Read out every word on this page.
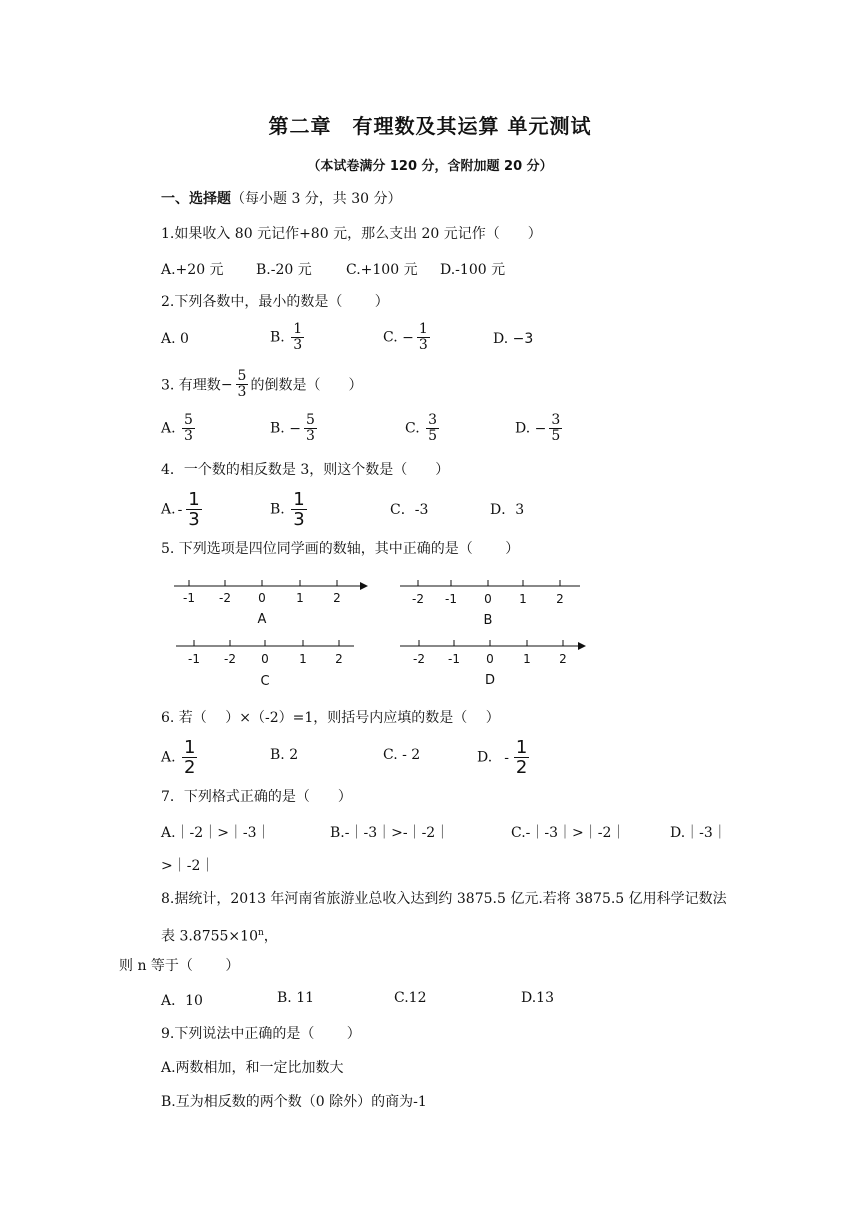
第二章　有理数及其运算 单元测试
（本试卷满分 120 分，含附加题 20 分）
一、选择题（每小题 3 分，共 30 分）
1.如果收入 80 元记作+80 元，那么支出 20 元记作（　　）
A.+20 元 B.-20 元 C.+100 元 D.-100 元
2.下列各数中，最小的数是（　　 ）
A. 0	B. $\frac{1}{3}$	C. − $\frac{1}{3}$	D. −3
3. 有理数− $\frac{5}{3}$ 的倒数是（　　）
A. $\frac{5}{3}$	B. − $\frac{5}{3}$	C. $\frac{3}{5}$	D. − $\frac{3}{5}$
4．一个数的相反数是 3，则这个数是（　　）
A. - $\frac{1}{3}$	B. $\frac{1}{3}$	C．-3	D．3
5. 下列选项是四位同学画的数轴，其中正确的是（　　 ）
-1 -2 0	1 2
A
-2 -1 0 1 2
B
-1 -2 0	1 2
C
-2 -1 0 1 2
D
6. 若（　 ）×（-2）=1，则括号内应填的数是（　 ）
A. $\frac{1}{2}$	B. 2	C. - 2	D. - $\frac{1}{2}$
7．下列格式正确的是（　　）
A.｜-2｜>｜-3｜	B.-｜-3｜>-｜-2｜	C.-｜-3｜>｜-2｜	D.｜-3｜
>｜-2｜
8.据统计，2013 年河南省旅游业总收入达到约 3875.5 亿元.若将 3875.5 亿用科学记数法
表 $3.8755\times 10^n$，
则 n 等于（　　 ）
A．10	B. 11	C.12	D.13
9.下列说法中正确的是（　　 ）
A.两数相加，和一定比加数大
B.互为相反数的两个数（0 除外）的商为-1
